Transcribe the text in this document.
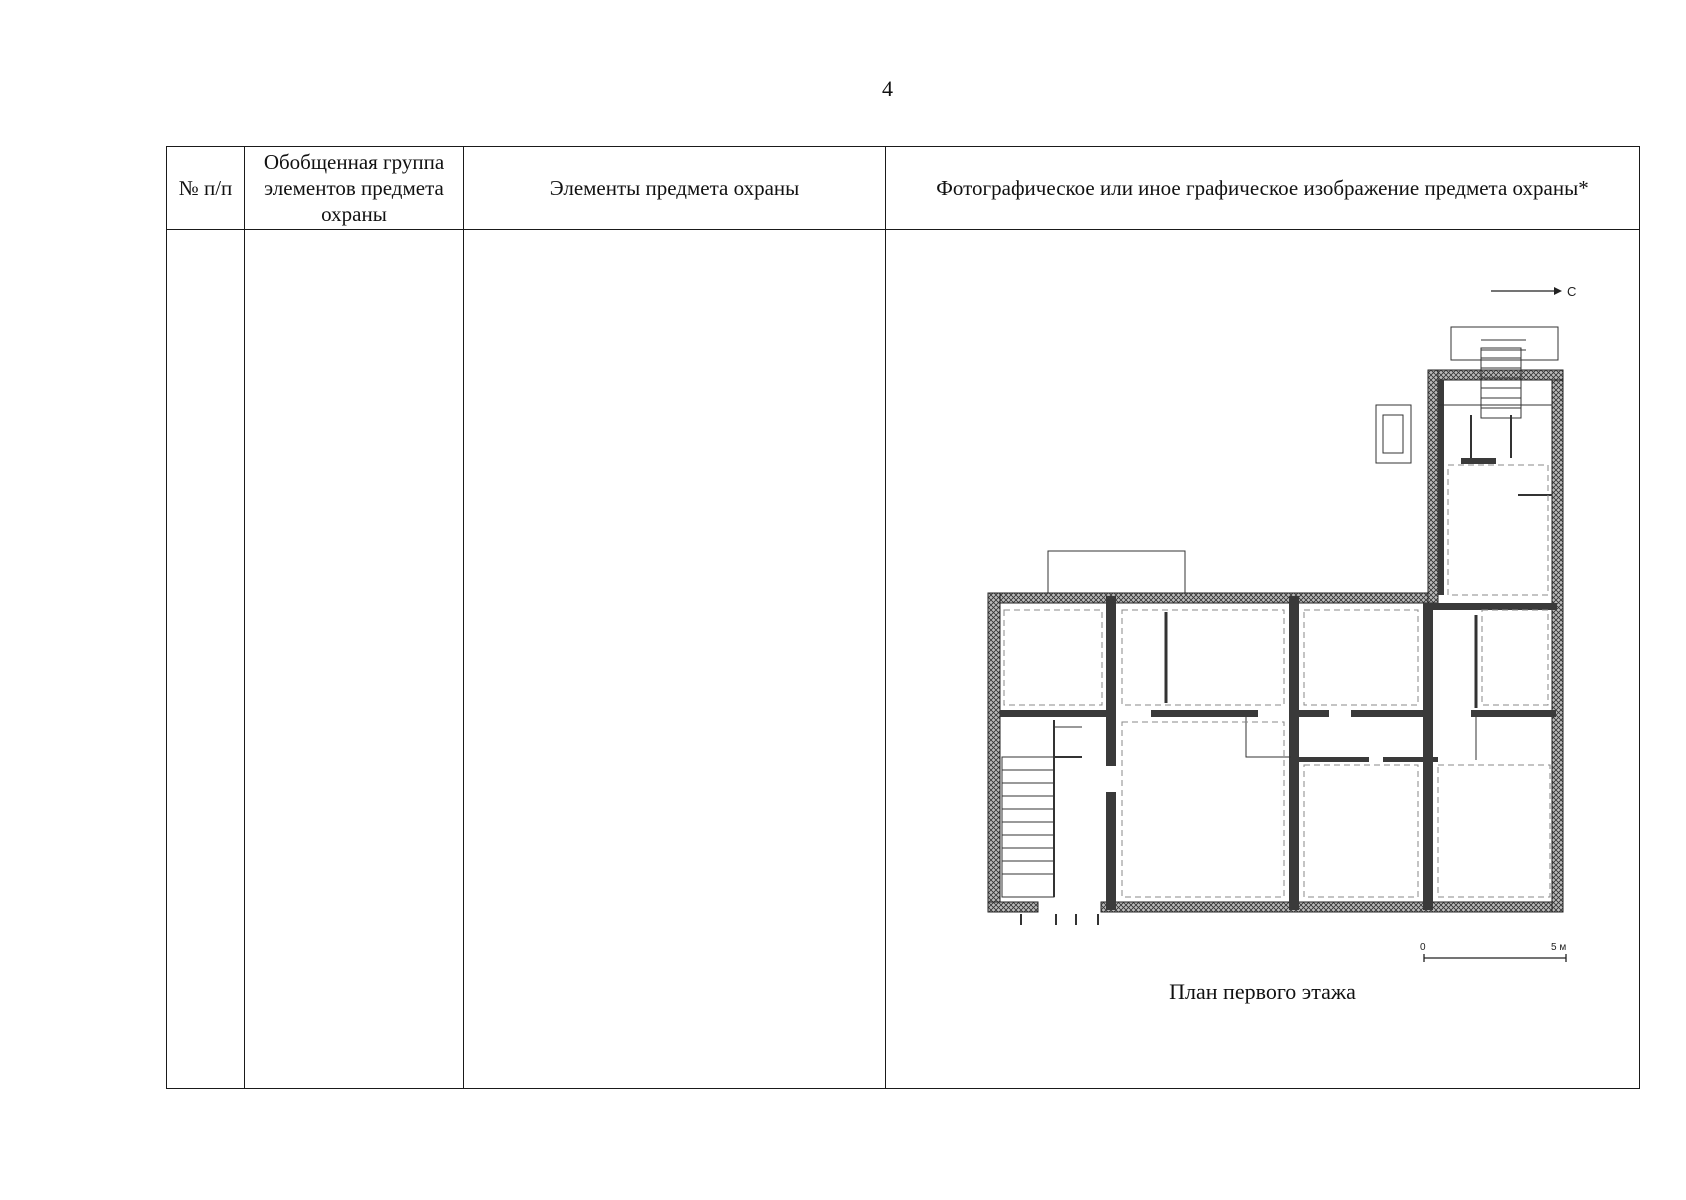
4
№ п/п	Обобщенная группа элементов предмета охраны	Элементы предмета охраны	Фотографическое или иное графическое изображение предмета охраны*

С
0 5 м
План первого этажа
